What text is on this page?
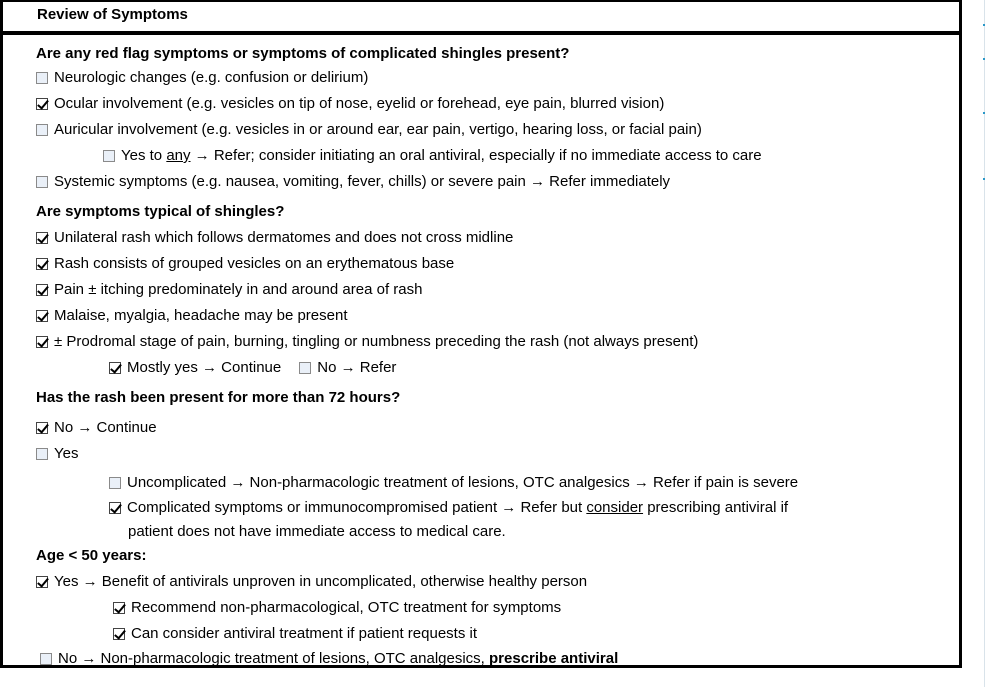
Review of Symptoms
Are any red flag symptoms or symptoms of complicated shingles present?
Neurologic changes (e.g. confusion or delirium)
Ocular involvement (e.g. vesicles on tip of nose, eyelid or forehead, eye pain, blurred vision)
Auricular involvement (e.g. vesicles in or around ear, ear pain, vertigo, hearing loss, or facial pain)
Yes to any → Refer; consider initiating an oral antiviral, especially if no immediate access to care
Systemic symptoms (e.g. nausea, vomiting, fever, chills) or severe pain → Refer immediately
Are symptoms typical of shingles?
Unilateral rash which follows dermatomes and does not cross midline
Rash consists of grouped vesicles on an erythematous base
Pain ± itching predominately in and around area of rash
Malaise, myalgia, headache may be present
± Prodromal stage of pain, burning, tingling or numbness preceding the rash (not always present)
Mostly yes → Continue No → Refer
Has the rash been present for more than 72 hours?
No → Continue
Yes
Uncomplicated → Non-pharmacologic treatment of lesions, OTC analgesics → Refer if pain is severe
Complicated symptoms or immunocompromised patient → Refer but consider prescribing antiviral if
patient does not have immediate access to medical care.
Age < 50 years:
Yes → Benefit of antivirals unproven in uncomplicated, otherwise healthy person
Recommend non-pharmacological, OTC treatment for symptoms
Can consider antiviral treatment if patient requests it
No → Non-pharmacologic treatment of lesions, OTC analgesics, prescribe antiviral
